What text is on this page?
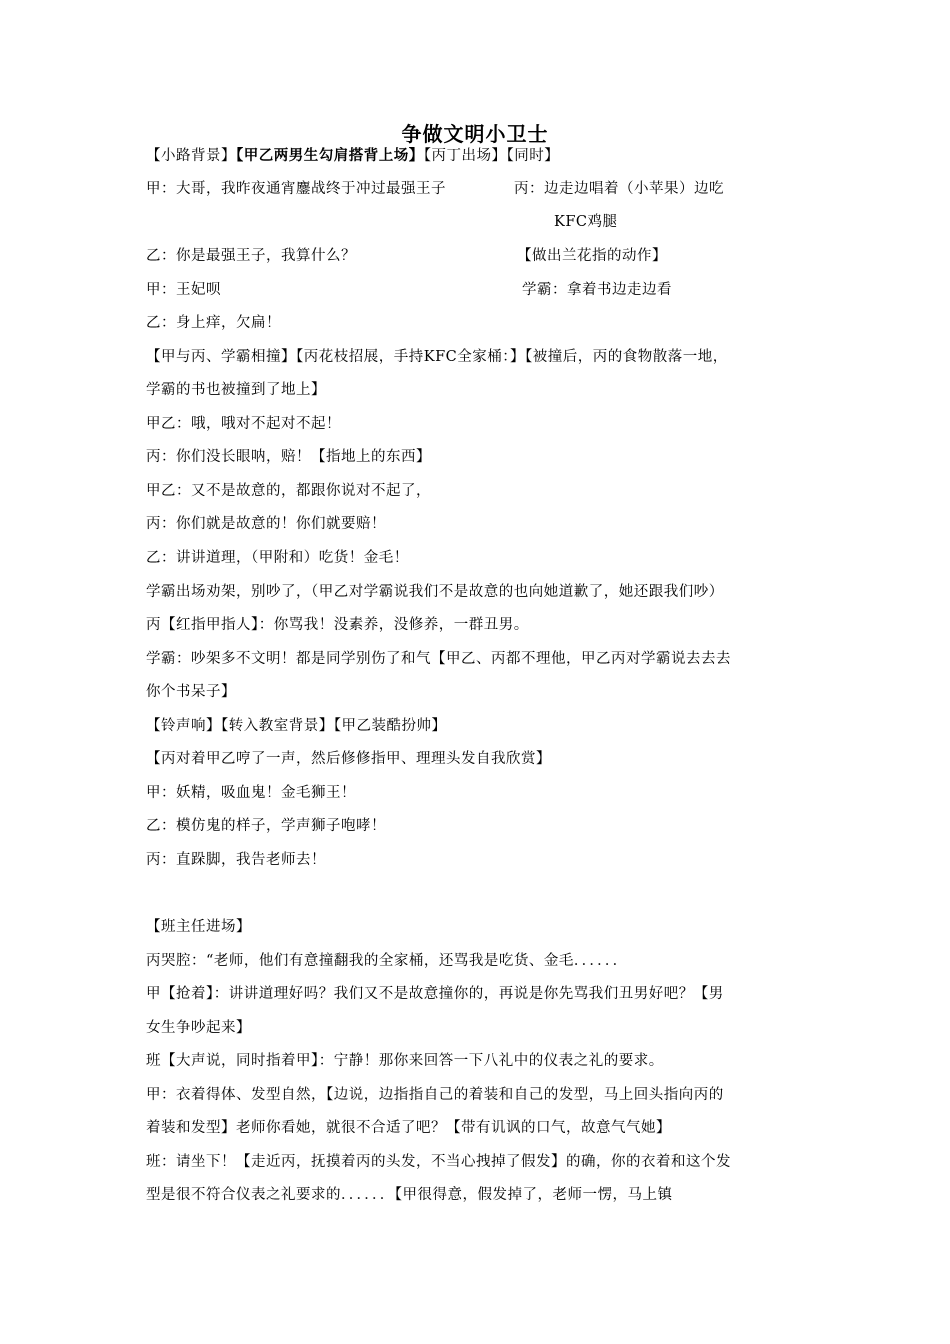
争做文明小卫士
【小路背景】【甲乙两男生勾肩搭背上场】【丙丁出场】【同时】
甲：大哥，我昨夜通宵鏖战终于冲过最强王子	丙：边走边唱着（小苹果）边吃
KFC鸡腿
乙：你是最强王子，我算什么？	【做出兰花指的动作】
甲：王妃呗	学霸：拿着书边走边看
乙：身上痒，欠扁！
【甲与丙、学霸相撞】【丙花枝招展，手持KFC全家桶：】【被撞后，丙的食物散落一地，
学霸的书也被撞到了地上】
甲乙：哦，哦对不起对不起！
丙：你们没长眼呐，赔！【指地上的东西】
甲乙：又不是故意的，都跟你说对不起了，
丙：你们就是故意的！你们就要赔！
乙：讲讲道理，（甲附和）吃货！金毛！
学霸出场劝架，别吵了，（甲乙对学霸说我们不是故意的也向她道歉了，她还跟我们吵）
丙【红指甲指人】：你骂我！没素养，没修养，一群丑男。
学霸：吵架多不文明！都是同学别伤了和气【甲乙、丙都不理他，甲乙丙对学霸说去去去
你个书呆子】
【铃声响】【转入教室背景】【甲乙装酷扮帅】
【丙对着甲乙哼了一声，然后修修指甲、理理头发自我欣赏】
甲：妖精，吸血鬼！金毛狮王！
乙：模仿鬼的样子，学声狮子咆哮！
丙：直跺脚，我告老师去！
【班主任进场】
丙哭腔：“老师，他们有意撞翻我的全家桶，还骂我是吃货、金毛．．．．．．
甲【抢着】：讲讲道理好吗？我们又不是故意撞你的，再说是你先骂我们丑男好吧？【男
女生争吵起来】
班【大声说，同时指着甲】：宁静！那你来回答一下八礼中的仪表之礼的要求。
甲：衣着得体、发型自然，【边说，边指指自己的着装和自己的发型，马上回头指向丙的
着装和发型】老师你看她，就很不合适了吧？【带有讥讽的口气，故意气气她】
班：请坐下！【走近丙，抚摸着丙的头发，不当心拽掉了假发】的确，你的衣着和这个发
型是很不符合仪表之礼要求的．．．．．．【甲很得意，假发掉了，老师一愣，马上镇
